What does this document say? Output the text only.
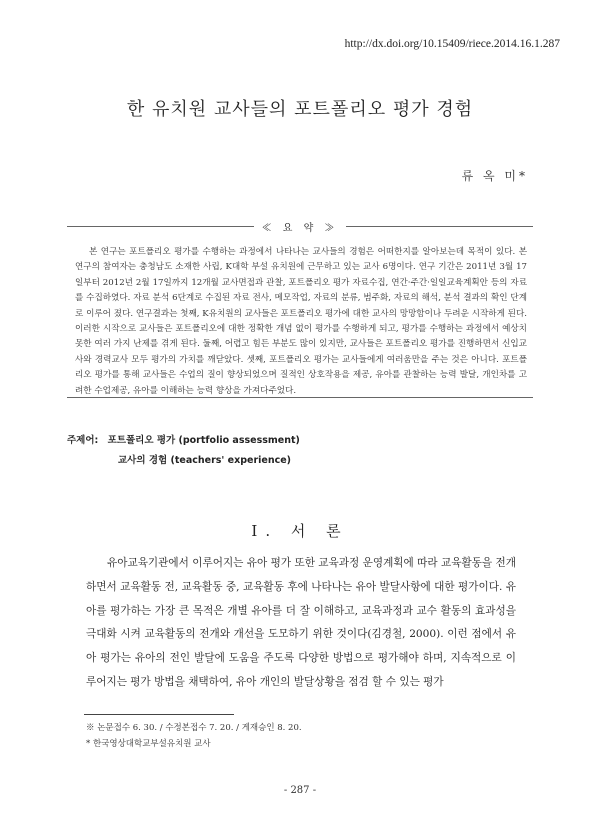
http://dx.doi.org/10.15409/riece.2014.16.1.287
한 유치원 교사들의 포트폴리오 평가 경험
류 옥 미*
≪ 요 약 ≫
본 연구는 포트폴리오 평가를 수행하는 과정에서 나타나는 교사들의 경험은 어떠한지를 알아보는데 목적이 있다. 본 연구의 참여자는 충청남도 소재한 사립, K대학 부설 유치원에 근무하고 있는 교사 6명이다. 연구 기간은 2011년 3월 17일부터 2012년 2월 17일까지 12개월 교사면접과 관찰, 포트폴리오 평가 자료수집, 연간·주간·일일교육계획안 등의 자료를 수집하였다. 자료 분석 6단계로 수집된 자료 전사, 메모작업, 자료의 분류, 범주화, 자료의 해석, 분석 결과의 확인 단계로 이루어 졌다. 연구결과는 첫째, K유치원의 교사들은 포트폴리오 평가에 대한 교사의 망망함이나 두려운 시작하게 된다. 이러한 시작으로 교사들은 포트폴리오에 대한 정확한 개념 없이 평가를 수행하게 되고, 평가를 수행하는 과정에서 예상치 못한 여러 가지 난제를 겪게 된다. 둘째, 어렵고 힘든 부분도 많이 있지만, 교사들은 포트폴리오 평가를 진행하면서 신입교사와 경력교사 모두 평가의 가치를 깨닫았다. 셋째, 포트폴리오 평가는 교사들에게 여러움만을 주는 것은 아니다. 포트폴리오 평가를 통해 교사들은 수업의 질이 향상되었으며 질적인 상호작용을 제공, 유아를 관찰하는 능력 발달, 개인차를 고려한 수업제공, 유아를 이해하는 능력 향상을 가져다주었다.
주제어: 포트폴리오 평가 (portfolio assessment)
교사의 경험 (teachers' experience)
Ⅰ. 서 론
유아교육기관에서 이루어지는 유아 평가 또한 교육과정 운영계획에 따라 교육활동을 전개하면서 교육활동 전, 교육활동 중, 교육활동 후에 나타나는 유아 발달사항에 대한 평가이다. 유아를 평가하는 가장 큰 목적은 개별 유아를 더 잘 이해하고, 교육과정과 교수 활동의 효과성을 극대화 시켜 교육활동의 전개와 개선을 도모하기 위한 것이다(김경철, 2000). 이런 점에서 유아 평가는 유아의 전인 발달에 도움을 주도록 다양한 방법으로 평가해야 하며, 지속적으로 이루어지는 평가 방법을 채택하여, 유아 개인의 발달상황을 점검 할 수 있는 평가
※ 논문접수 6. 30. / 수정본접수 7. 20. / 게재승인 8. 20.
* 한국영상대학교부설유치원 교사
- 287 -
